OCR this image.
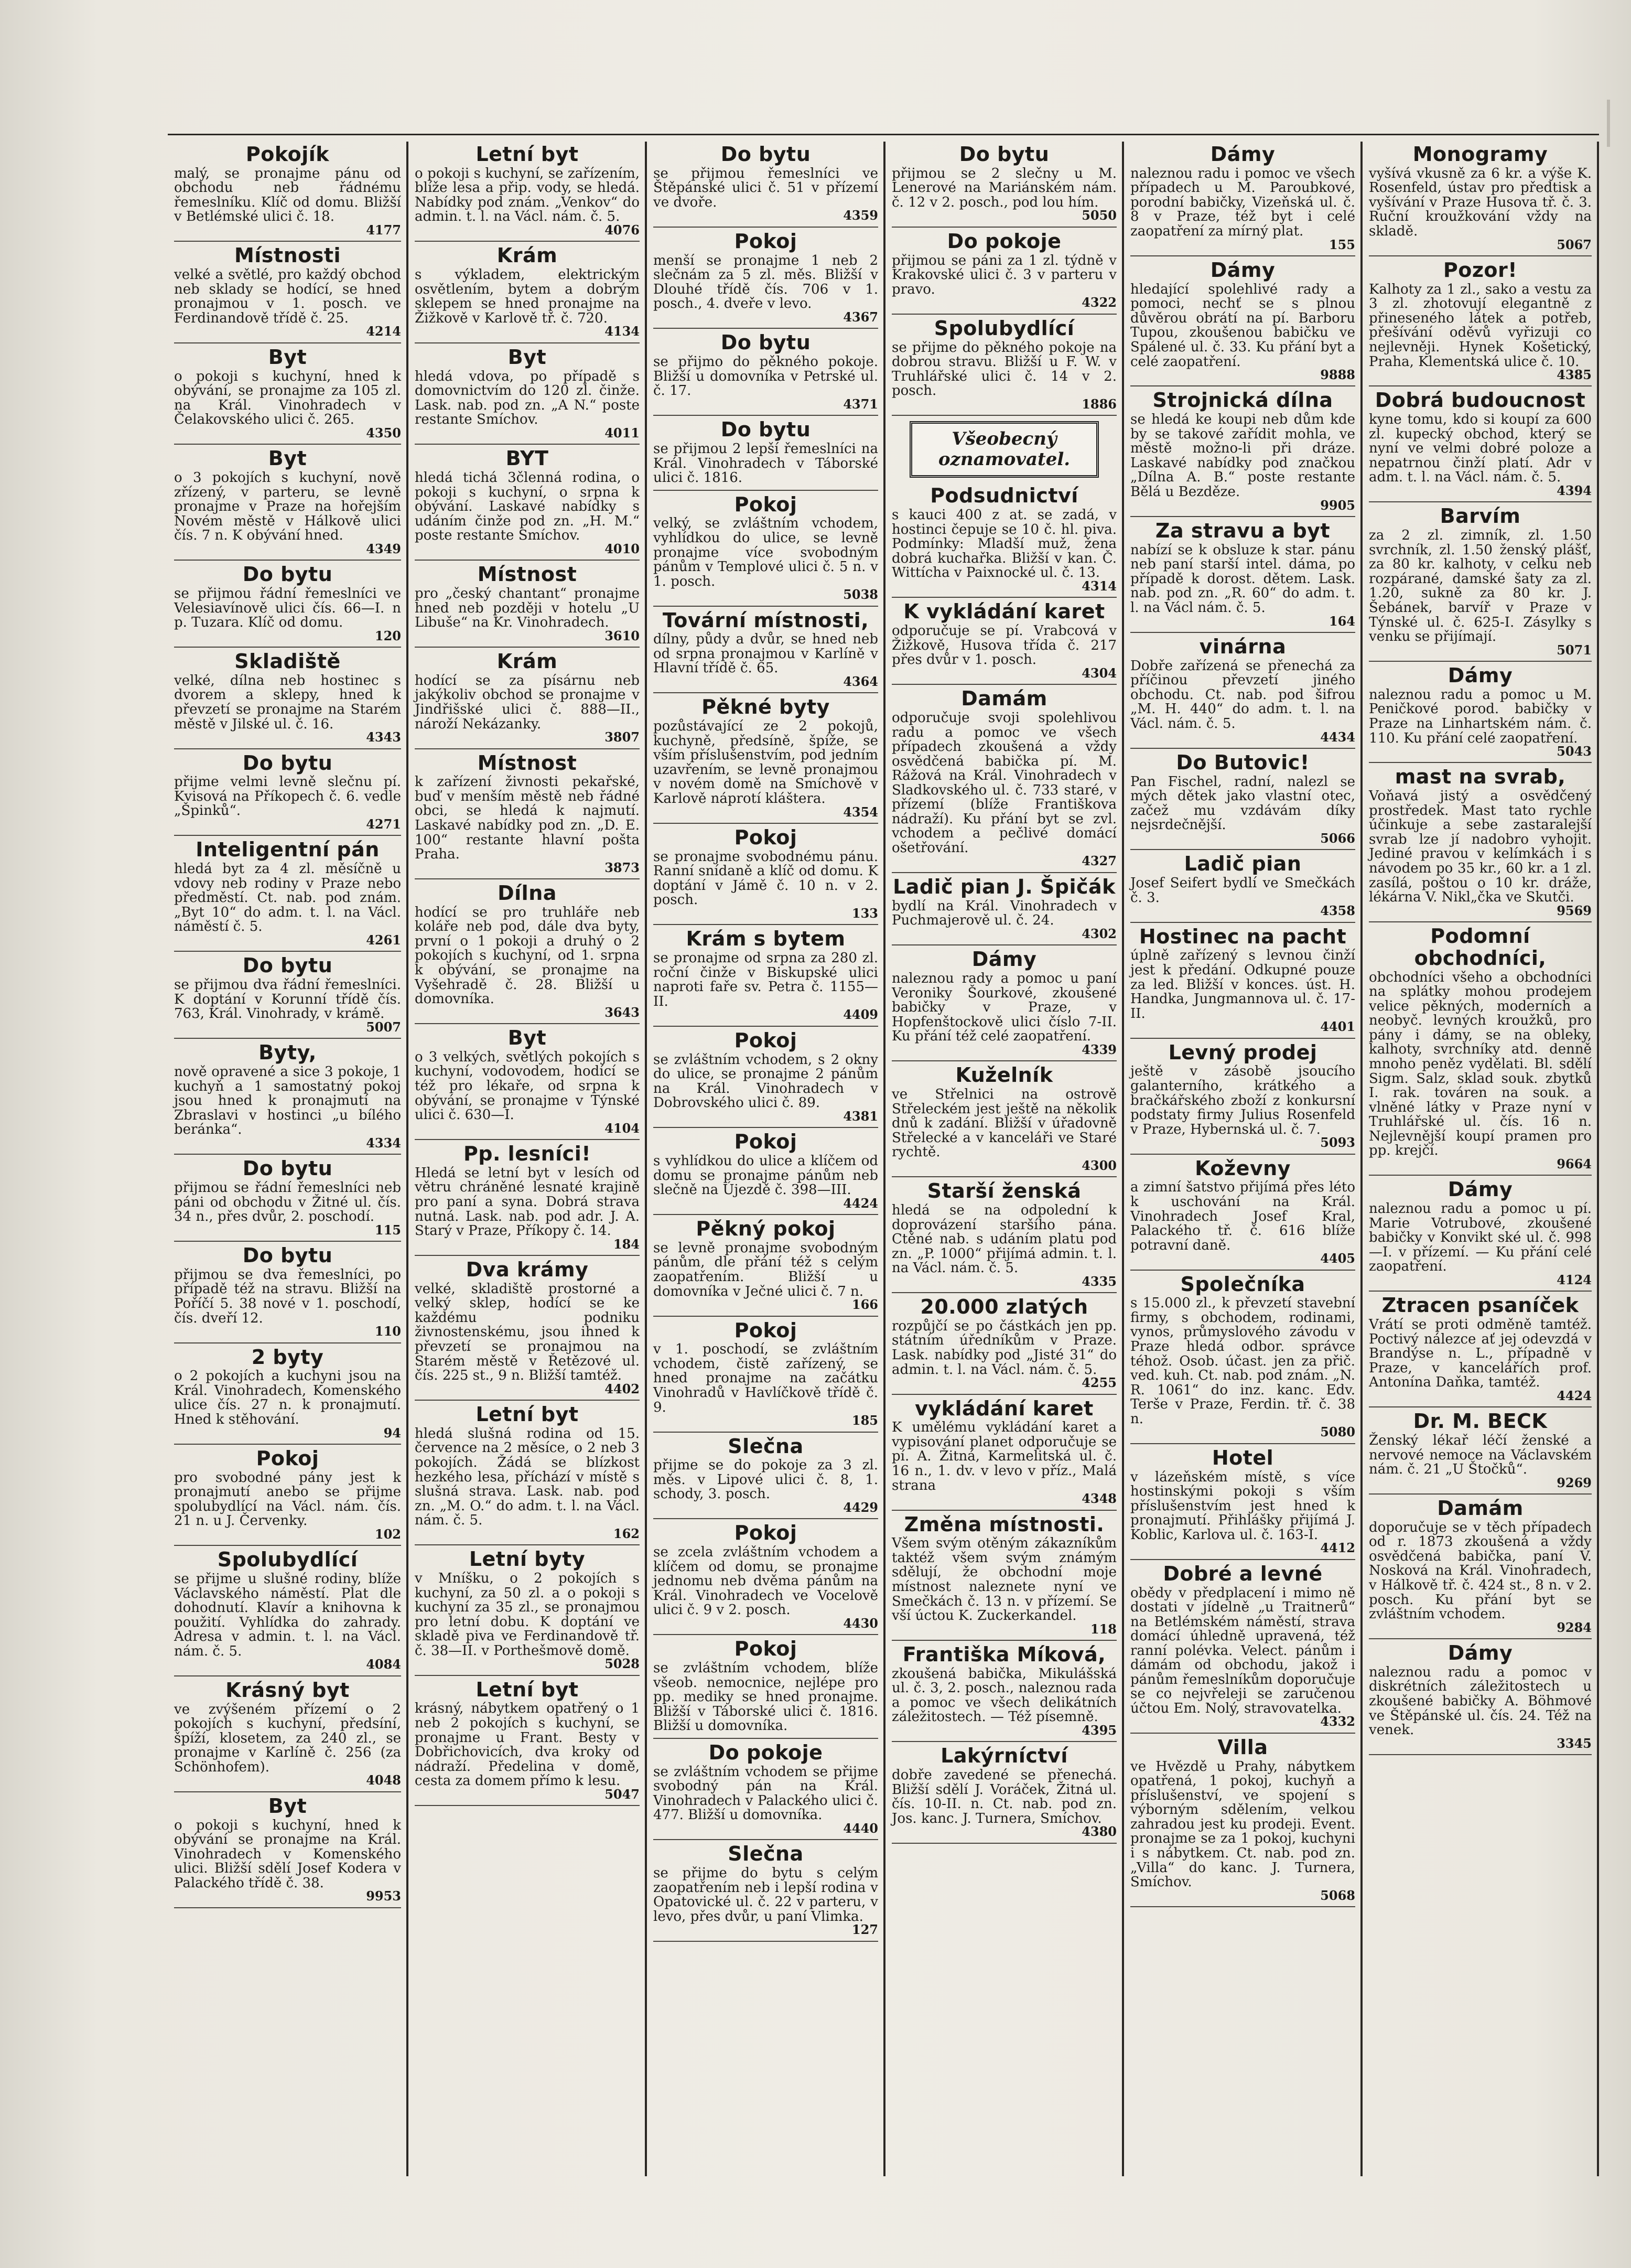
Pokojík

malý, se pronajme pánu od obchodu neb řádnému řemeslníku. Klíč od domu. Bližší v Betlémské ulici č. 18.

4177
Místnosti

velké a světlé, pro každý obchod neb sklady se hodící, se hned pronajmou v 1. posch. ve Ferdinandově třídě č. 25.

4214
Byt

o pokoji s kuchyní, hned k obývání, se pronajme za 105 zl. na Král. Vinohradech v Čelakovského ulici č. 265.

4350
Byt

o 3 pokojích s kuchyní, nově zřízený, v parteru, se levně pronajme v Praze na hořejším Novém městě v Hálkově ulici čís. 7 n. K obývání hned.

4349
Do bytu

se přijmou řádní řemeslníci ve Velesiavínově ulici čís. 66—I. n p. Tuzara. Klíč od domu.

120
Skladiště

velké, dílna neb hostinec s dvorem a sklepy, hned k převzetí se pronajme na Starém městě v Jilské ul. č. 16.

4343
Do bytu

přijme velmi levně slečnu pí. Kvisová na Příkopech č. 6. vedle „Špinků“.

4271
Inteligentní pán

hledá byt za 4 zl. měsíčně u vdovy neb rodiny v Praze nebo předměstí. Ct. nab. pod znám. „Byt 10“ do adm. t. l. na Václ. náměstí č. 5.

4261
Do bytu

se přijmou dva řádní řemeslníci. K doptání v Korunní třídě čís. 763, Král. Vinohrady, v krámě.

5007
Byty,

nově opravené a sice 3 pokoje, 1 kuchyň a 1 samostatný pokoj jsou hned k pronajmutí na Zbraslavi v hostinci „u bílého beránka“.

4334
Do bytu

přijmou se řádní řemeslníci neb páni od obchodu v Žitné ul. čís. 34 n., přes dvůr, 2. poschodí.

115
Do bytu

přijmou se dva řemeslníci, po případě též na stravu. Bližší na Poříčí 5. 38 nové v 1. poschodí, čís. dveří 12.

110
2 byty

o 2 pokojích a kuchyni jsou na Král. Vinohradech, Komenského ulice čís. 27 n. k pronajmutí. Hned k stěhování.

94
Pokoj

pro svobodné pány jest k pronajmutí anebo se přijme spolubydlící na Václ. nám. čís. 21 n. u J. Červenky.

102
Spolubydlící

se přijme u slušné rodiny, blíže Václavského náměstí. Plat dle dohodnutí. Klavír a knihovna k použití. Vyhlídka do zahrady. Adresa v admin. t. l. na Václ. nám. č. 5.

4084
Krásný byt

ve zvýšeném přízemí o 2 pokojích s kuchyní, předsíní, špíží, klosetem, za 240 zl., se pronajme v Karlíně č. 256 (za Schönhofem).

4048
Byt

o pokoji s kuchyní, hned k obývání se pronajme na Král. Vinohradech v Komenského ulici. Bližší sdělí Josef Kodera v Palackého třídě č. 38.

9953
Letní byt

o pokoji s kuchyní, se zařízením, blíže lesa a přip. vody, se hledá. Nabídky pod znám. „Venkov“ do admin. t. l. na Václ. nám. č. 5.

4076
Krám

s výkladem, elektrickým osvětlením, bytem a dobrým sklepem se hned pronajme na Žižkově v Karlově tř. č. 720.

4134
Byt

hledá vdova, po případě s domovnictvím do 120 zl. činže. Lask. nab. pod zn. „A N.“ poste restante Smíchov.

4011
BYT

hledá tichá 3členná rodina, o pokoji s kuchyní, o srpna k obývání. Laskavé nabídky s udáním činže pod zn. „H. M.“ poste restante Smíchov.

4010
Místnost

pro „český chantant“ pronajme hned neb později v hotelu „U Libuše“ na Kr. Vinohradech.

3610
Krám

hodící se za písárnu neb jakýkoliv obchod se pronajme v Jindřišské ulici č. 888—II., nároží Nekázanky.

3807
Místnost

k zařízení živnosti pekařské, buď v menším městě neb řádné obci, se hledá k najmutí. Laskavé nabídky pod zn. „D. E. 100“ restante hlavní pošta Praha.

3873
Dílna

hodící se pro truhláře neb koláře neb pod, dále dva byty, první o 1 pokoji a druhý o 2 pokojích s kuchyní, od 1. srpna k obývání, se pronajme na Vyšehradě č. 28. Bližší u domovníka.

3643
Byt

o 3 velkých, světlých pokojích s kuchyní, vodovodem, hodící se též pro lékaře, od srpna k obývání, se pronajme v Týnské ulici č. 630—I.

4104
Pp. lesníci!

Hledá se letní byt v lesích od větru chráněné lesnaté krajině pro paní a syna. Dobrá strava nutná. Lask. nab. pod adr. J. A. Starý v Praze, Příkopy č. 14.

184
Dva krámy

velké, skladiště prostorné a velký sklep, hodící se ke každému podniku živnostenskému, jsou ihned k převzetí se pronajmou na Starém městě v Řetězové ul. čís. 225 st., 9 n. Bližší tamtéž.

4402
Letní byt

hledá slušná rodina od 15. července na 2 měsíce, o 2 neb 3 pokojích. Žádá se blízkost hezkého lesa, příchází v místě s slušná strava. Lask. nab. pod zn. „M. O.“ do adm. t. l. na Václ. nám. č. 5.

162
Letní byty

v Mníšku, o 2 pokojích s kuchyní, za 50 zl. a o pokoji s kuchyní za 35 zl., se pronajmou pro letní dobu. K doptání ve skladě piva ve Ferdinandově tř. č. 38—II. v Porthešmově domě.

5028
Letní byt

krásný, nábytkem opatřený o 1 neb 2 pokojích s kuchyní, se pronajme u Frant. Besty v Dobřichovicích, dva kroky od nádraží. Předelina v domě, cesta za domem přímo k lesu.

5047
Do bytu

se přijmou řemeslníci ve Štěpánské ulici č. 51 v přízemí ve dvoře.

4359
Pokoj

menší se pronajme 1 neb 2 slečnám za 5 zl. měs. Bližší v Dlouhé třídě čís. 706 v 1. posch., 4. dveře v levo.

4367
Do bytu

se přijmo do pěkného pokoje. Bližší u domovníka v Petrské ul. č. 17.

4371
Do bytu

se přijmou 2 lepší řemeslníci na Král. Vinohradech v Táborské ulici č. 1816.

Pokoj

velký, se zvláštním vchodem, vyhlídkou do ulice, se levně pronajme více svobodným pánům v Templové ulici č. 5 n. v 1. posch.

5038
Tovární místnosti,

dílny, půdy a dvůr, se hned neb od srpna pronajmou v Karlíně v Hlavní třídě č. 65.

4364
Pěkné byty

pozůstávající ze 2 pokojů, kuchyně, předsíně, špíže, se vším příslušenstvím, pod jedním uzavřením, se levně pronajmou v novém domě na Smíchově v Karlově náprotí kláštera.

4354
Pokoj

se pronajme svobodnému pánu. Ranní snídaně a klíč od domu. K doptání v Jámě č. 10 n. v 2. posch.

133
Krám s bytem

se pronajme od srpna za 280 zl. roční činže v Biskupské ulici naproti faře sv. Petra č. 1155—II.

4409
Pokoj

se zvláštním vchodem, s 2 okny do ulice, se pronajme 2 pánům na Král. Vinohradech v Dobrovského ulici č. 89.

4381
Pokoj

s vyhlídkou do ulice a klíčem od domu se pronajme pánům neb slečně na Újezdě č. 398—III.

4424
Pěkný pokoj

se levně pronajme svobodným pánům, dle přání též s celým zaopatřením. Bližší u domovníka v Ječné ulici č. 7 n.

166
Pokoj

v 1. poschodí, se zvláštním vchodem, čistě zařízený, se hned pronajme na začátku Vinohradů v Havlíčkově třídě č. 9.

185
Slečna

přijme se do pokoje za 3 zl. měs. v Lipové ulici č. 8, 1. schody, 3. posch.

4429
Pokoj

se zcela zvláštním vchodem a klíčem od domu, se pronajme jednomu neb dvěma pánům na Král. Vinohradech ve Vocelově ulici č. 9 v 2. posch.

4430
Pokoj

se zvláštním vchodem, blíže všeob. nemocnice, nejlépe pro pp. mediky se hned pronajme. Bližší v Táborské ulici č. 1816. Bližší u domovníka.

Do pokoje

se zvláštním vchodem se přijme svobodný pán na Král. Vinohradech v Palackého ulici č. 477. Bližší u domovníka.

4440
Slečna

se přijme do bytu s celým zaopatřením neb i lepší rodina v Opatovické ul. č. 22 v parteru, v levo, přes dvůr, u paní Vlimka.

127
Do bytu

přijmou se 2 slečny u M. Lenerové na Mariánském nám. č. 12 v 2. posch., pod lou hím.

5050
Do pokoje

přijmou se páni za 1 zl. týdně v Krakovské ulici č. 3 v parteru v pravo.

4322
Spolubydlící

se přijme do pěkného pokoje na dobrou stravu. Bližší u F. W. v Truhlářské ulici č. 14 v 2. posch.

1886
Všeobecný oznamovatel.
Podsudnictví

s kauci 400 z at. se zadá, v hostinci čepuje se 10 č. hl. piva. Podmínky: Mladší muž, žena dobrá kuchařka. Bližší v kan. Č. Wittícha v Paixnocké ul. č. 13.

4314
K vykládání karet

odporučuje se pí. Vrabcová v Žižkově, Husova třída č. 217 přes dvůr v 1. posch.

4304
Damám

odporučuje svoji spolehlivou radu a pomoc ve všech případech zkoušená a vždy osvědčená babička pí. M. Rážová na Král. Vinohradech v Sladkovského ul. č. 733 staré, v přízemí (blíže Františkova nádraží). Ku přání byt se zvl. vchodem a pečlivé domácí ošetřování.

4327
Ladič pian J. Špičák

bydlí na Král. Vinohradech v Puchmajerově ul. č. 24.

4302
Dámy

naleznou rady a pomoc u paní Veroniky Šourkové, zkoušené babičky v Praze, v Hopfenštockově ulici číslo 7-II. Ku přání též celé zaopatření.

4339
Kuželník

ve Střelnici na ostrově Střeleckém jest ještě na několik dnů k zadání. Bližší v úřadovně Střelecké a v kanceláři ve Staré rychtě.

4300
Starší ženská

hledá se na odpolední k doprovázení staršího pána. Ctěné nab. s udáním platu pod zn. „P. 1000“ přijímá admin. t. l. na Václ. nám. č. 5.

4335
20.000 zlatých

rozpůjčí se po částkách jen pp. státním úředníkům v Praze. Lask. nabídky pod „Jisté 31“ do admin. t. l. na Václ. nám. č. 5.

4255
vykládání karet

K umělému vykládání karet a vypisování planet odporučuje se pí. A. Žitná, Karmelitská ul. č. 16 n., 1. dv. v levo v příz., Malá strana

4348
Změna místnosti.

Všem svým otěným zákazníkům taktéž všem svým známým sdělují, že obchodní moje místnost naleznete nyní ve Smečkách č. 13 n. v přízemí. Se vší úctou K. Zuckerkandel.

118
Františka Míková,

zkoušená babička, Mikulášská ul. č. 3, 2. posch., naleznou rada a pomoc ve všech delikátních záležitostech. — Též písemně.

4395
Lakýrníctví

dobře zavedené se přenechá. Bližší sdělí J. Voráček, Žitná ul. čís. 10-II. n. Ct. nab. pod zn. Jos. kanc. J. Turnera, Smíchov.

4380
Dámy

naleznou radu i pomoc ve všech případech u M. Paroubkové, porodní babičky, Vizeňská ul. č. 8 v Praze, též byt i celé zaopatření za mírný plat.

155
Dámy

hledající spolehlivé rady a pomoci, nechť se s plnou důvěrou obrátí na pí. Barboru Tupou, zkoušenou babičku ve Spálené ul. č. 33. Ku přání byt a celé zaopatření.

9888
Strojnická dílna

se hledá ke koupi neb dům kde by se takové zařídit mohla, ve městě možno-li při dráze. Laskavé nabídky pod značkou „Dílna A. B.“ poste restante Bělá u Bezděze.

9905
Za stravu a byt

nabízí se k obsluze k star. pánu neb paní starší intel. dáma, po případě k dorost. dětem. Lask. nab. pod zn. „R. 60“ do adm. t. l. na Václ nám. č. 5.

164
vinárna

Dobře zařízená se přenechá za příčinou převzetí jiného obchodu. Ct. nab. pod šifrou „M. H. 440“ do adm. t. l. na Václ. nám. č. 5.

4434
Do Butovic!

Pan Fischel, radní, nalezl se mých dětek jako vlastní otec, začež mu vzdávám díky nejsrdečnější.

5066
Ladič pian

Josef Seifert bydlí ve Smečkách č. 3.

4358
Hostinec na pacht

úplně zařízený s levnou činží jest k předání. Odkupné pouze za led. Bližší v konces. úst. H. Handka, Jungmannova ul. č. 17-II.

4401
Levný prodej

ještě v zásobě jsoucího galanterního, krátkého a bračkářského zboží z konkursní podstaty firmy Julius Rosenfeld v Praze, Hybernská ul. č. 7.

5093
Koževny

a zimní šatstvo přijímá přes léto k uschování na Král. Vinohradech Josef Kral, Palackého tř. č. 616 blíže potravní daně.

4405
Společníka

s 15.000 zl., k převzetí stavební firmy, s obchodem, rodinami, vynos, průmyslového závodu v Praze hledá odbor. správce téhož. Osob. účast. jen za přič. ved. kuh. Ct. nab. pod znám. „N. R. 1061“ do inz. kanc. Edv. Terše v Praze, Ferdin. tř. č. 38 n.

5080
Hotel

v lázeňském místě, s více hostinskými pokoji s vším příslušenstvím jest hned k pronajmutí. Přihlášky přijímá J. Koblic, Karlova ul. č. 163-I.

4412
Dobré a levné

obědy v předplacení i mimo ně dostati v jídelně „u Traitnerů“ na Betlémském náměstí, strava domácí úhledně upravená, též ranní polévka. Velect. pánům i dámám od obchodu, jakož i pánům řemeslníkům doporučuje se co nejvřeleji se zaručenou účtou Em. Nolý, stravovatelka.

4332
Villa

ve Hvězdě u Prahy, nábytkem opatřená, 1 pokoj, kuchyň a příslušenství, ve spojení s výborným sdělením, velkou zahradou jest ku prodeji. Event. pronajme se za 1 pokoj, kuchyni i s nábytkem. Ct. nab. pod zn. „Villa“ do kanc. J. Turnera, Smíchov.

5068
Monogramy

vyšívá vkusně za 6 kr. a výše K. Rosenfeld, ústav pro předtisk a vyšívání v Praze Husova tř. č. 3. Ruční kroužkování vždy na skladě.

5067
Pozor!

Kalhoty za 1 zl., sako a vestu za 3 zl. zhotovují elegantně z přineseného látek a potřeb, přešívání oděvů vyřizuji co nejlevněji. Hynek Košetický, Praha, Klementská ulice č. 10.

4385
Dobrá budoucnost

kyne tomu, kdo si koupí za 600 zl. kupecký obchod, který se nyní ve velmi dobré poloze a nepatrnou činží platí. Adr v adm. t. l. na Václ. nám. č. 5.

4394
Barvím

za 2 zl. zimník, zl. 1.50 svrchník, zl. 1.50 ženský plášť, za 80 kr. kalhoty, v celku neb rozpárané, damské šaty za zl. 1.20, sukně za 80 kr. J. Šebánek, barvíř v Praze v Týnské ul. č. 625-I. Zásylky s venku se přijímají.

5071
Dámy

naleznou radu a pomoc u M. Peničkové porod. babičky v Praze na Linhartském nám. č. 110. Ku přání celé zaopatření.

5043
mast na svrab,

Voňavá jistý a osvědčený prostředek. Mast tato rychle účinkuje a sebe zastaralejší svrab lze jí nadobro vyhojit. Jediné pravou v kelímkách i s návodem po 35 kr., 60 kr. a 1 zl. zasílá, poštou o 10 kr. dráže, lékárna V. Nikl„čka ve Skutči.

9569
Podomní obchodníci,

obchodníci všeho a obchodníci na splátky mohou prodejem velice pěkných, moderních a neobyč. levných kroužků, pro pány i dámy, se na obleky, kalhoty, svrchníky atd. denně mnoho peněz vydělati. Bl. sdělí Sigm. Salz, sklad souk. zbytků I. rak. továren na souk. a vlněné látky v Praze nyní v Truhlářské ul. čís. 16 n. Nejlevnější koupí pramen pro pp. krejčí.

9664
Dámy

naleznou radu a pomoc u pí. Marie Votrubové, zkoušené babičky v Konvikt ské ul. č. 998—I. v přízemí. — Ku přání celé zaopatření.

4124
Ztracen psaníček

Vrátí se proti odměně tamtéž. Poctivý nálezce ať jej odevzdá v Brandýse n. L., případně v Praze, v kancelářích prof. Antonína Daňka, tamtéž.

4424
Dr. M. BECK

Ženský lékař léčí ženské a nervové nemoce na Václavském nám. č. 21 „U Štočků“.

9269
Damám

doporučuje se v těch případech od r. 1873 zkoušená a vždy osvědčená babička, paní V. Nosková na Král. Vinohradech, v Hálkově tř. č. 424 st., 8 n. v 2. posch. Ku přání byt se zvláštním vchodem.

9284
Dámy

naleznou radu a pomoc v diskrétních záležitostech u zkoušené babičky A. Böhmové ve Štěpánské ul. čís. 24. Též na venek.

3345
